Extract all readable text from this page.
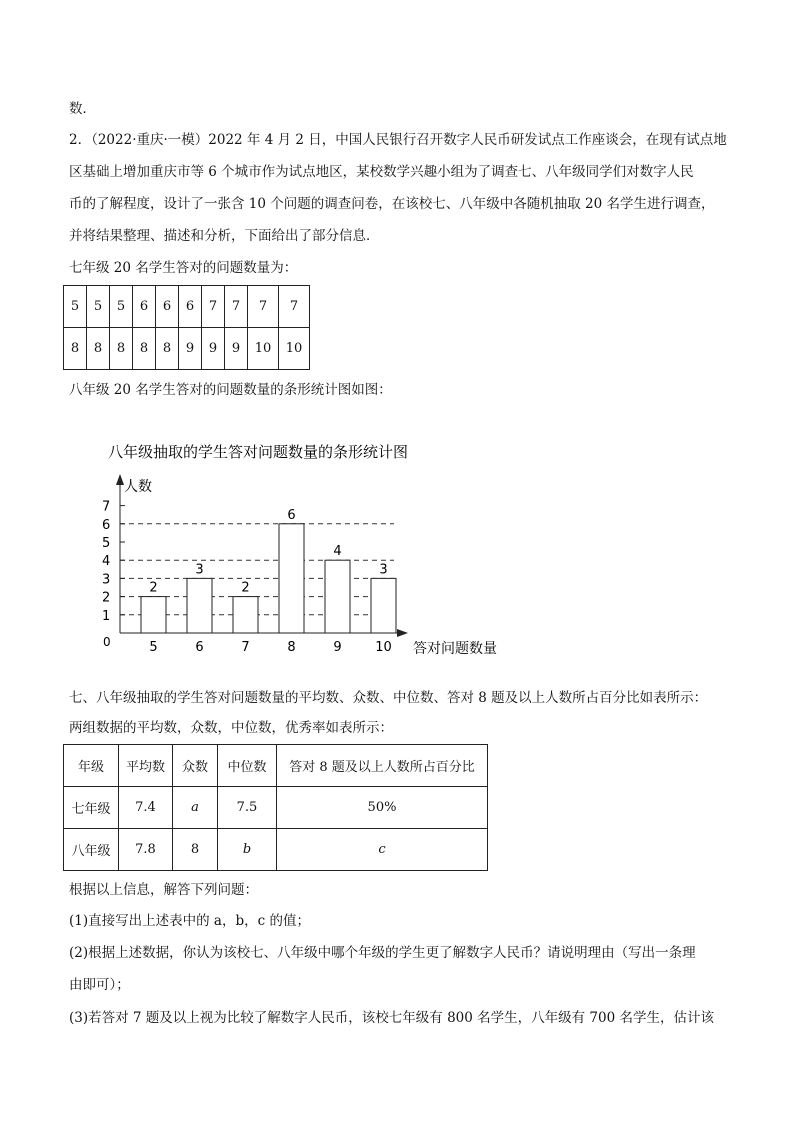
数．
2．（2022·重庆·一模）2022 年 4 月 2 日，中国人民银行召开数字人民币研发试点工作座谈会，在现有试点地
区基础上增加重庆市等 6 个城市作为试点地区，某校数学兴趣小组为了调查七、八年级同学们对数字人民
币的了解程度，设计了一张含 10 个问题的调查问卷，在该校七、八年级中各随机抽取 20 名学生进行调查，
并将结果整理、描述和分析，下面给出了部分信息．
七年级 20 名学生答对的问题数量为：
5	5	5	6	6	6	7	7	7	7
8	8	8	8	8	9	9	9	10	10
八年级 20 名学生答对的问题数量的条形统计图如图：
八年级抽取的学生答对问题数量的条形统计图
人数
答对问题数量
0
1
2
3
4
5
6
7
2
5
3
6
2
7
6
8
4
9
3
10
七、八年级抽取的学生答对问题数量的平均数、众数、中位数、答对 8 题及以上人数所占百分比如表所示：
两组数据的平均数，众数，中位数，优秀率如表所示：
年级	平均数	众数	中位数	答对 8 题及以上人数所占百分比
七年级	7.4	a	7.5	50%
八年级	7.8	8	b	c
根据以上信息，解答下列问题：
(1)直接写出上述表中的 a，b，c 的值；
(2)根据上述数据，你认为该校七、八年级中哪个年级的学生更了解数字人民币？请说明理由（写出一条理
由即可）；
(3)若答对 7 题及以上视为比较了解数字人民币，该校七年级有 800 名学生，八年级有 700 名学生，估计该
